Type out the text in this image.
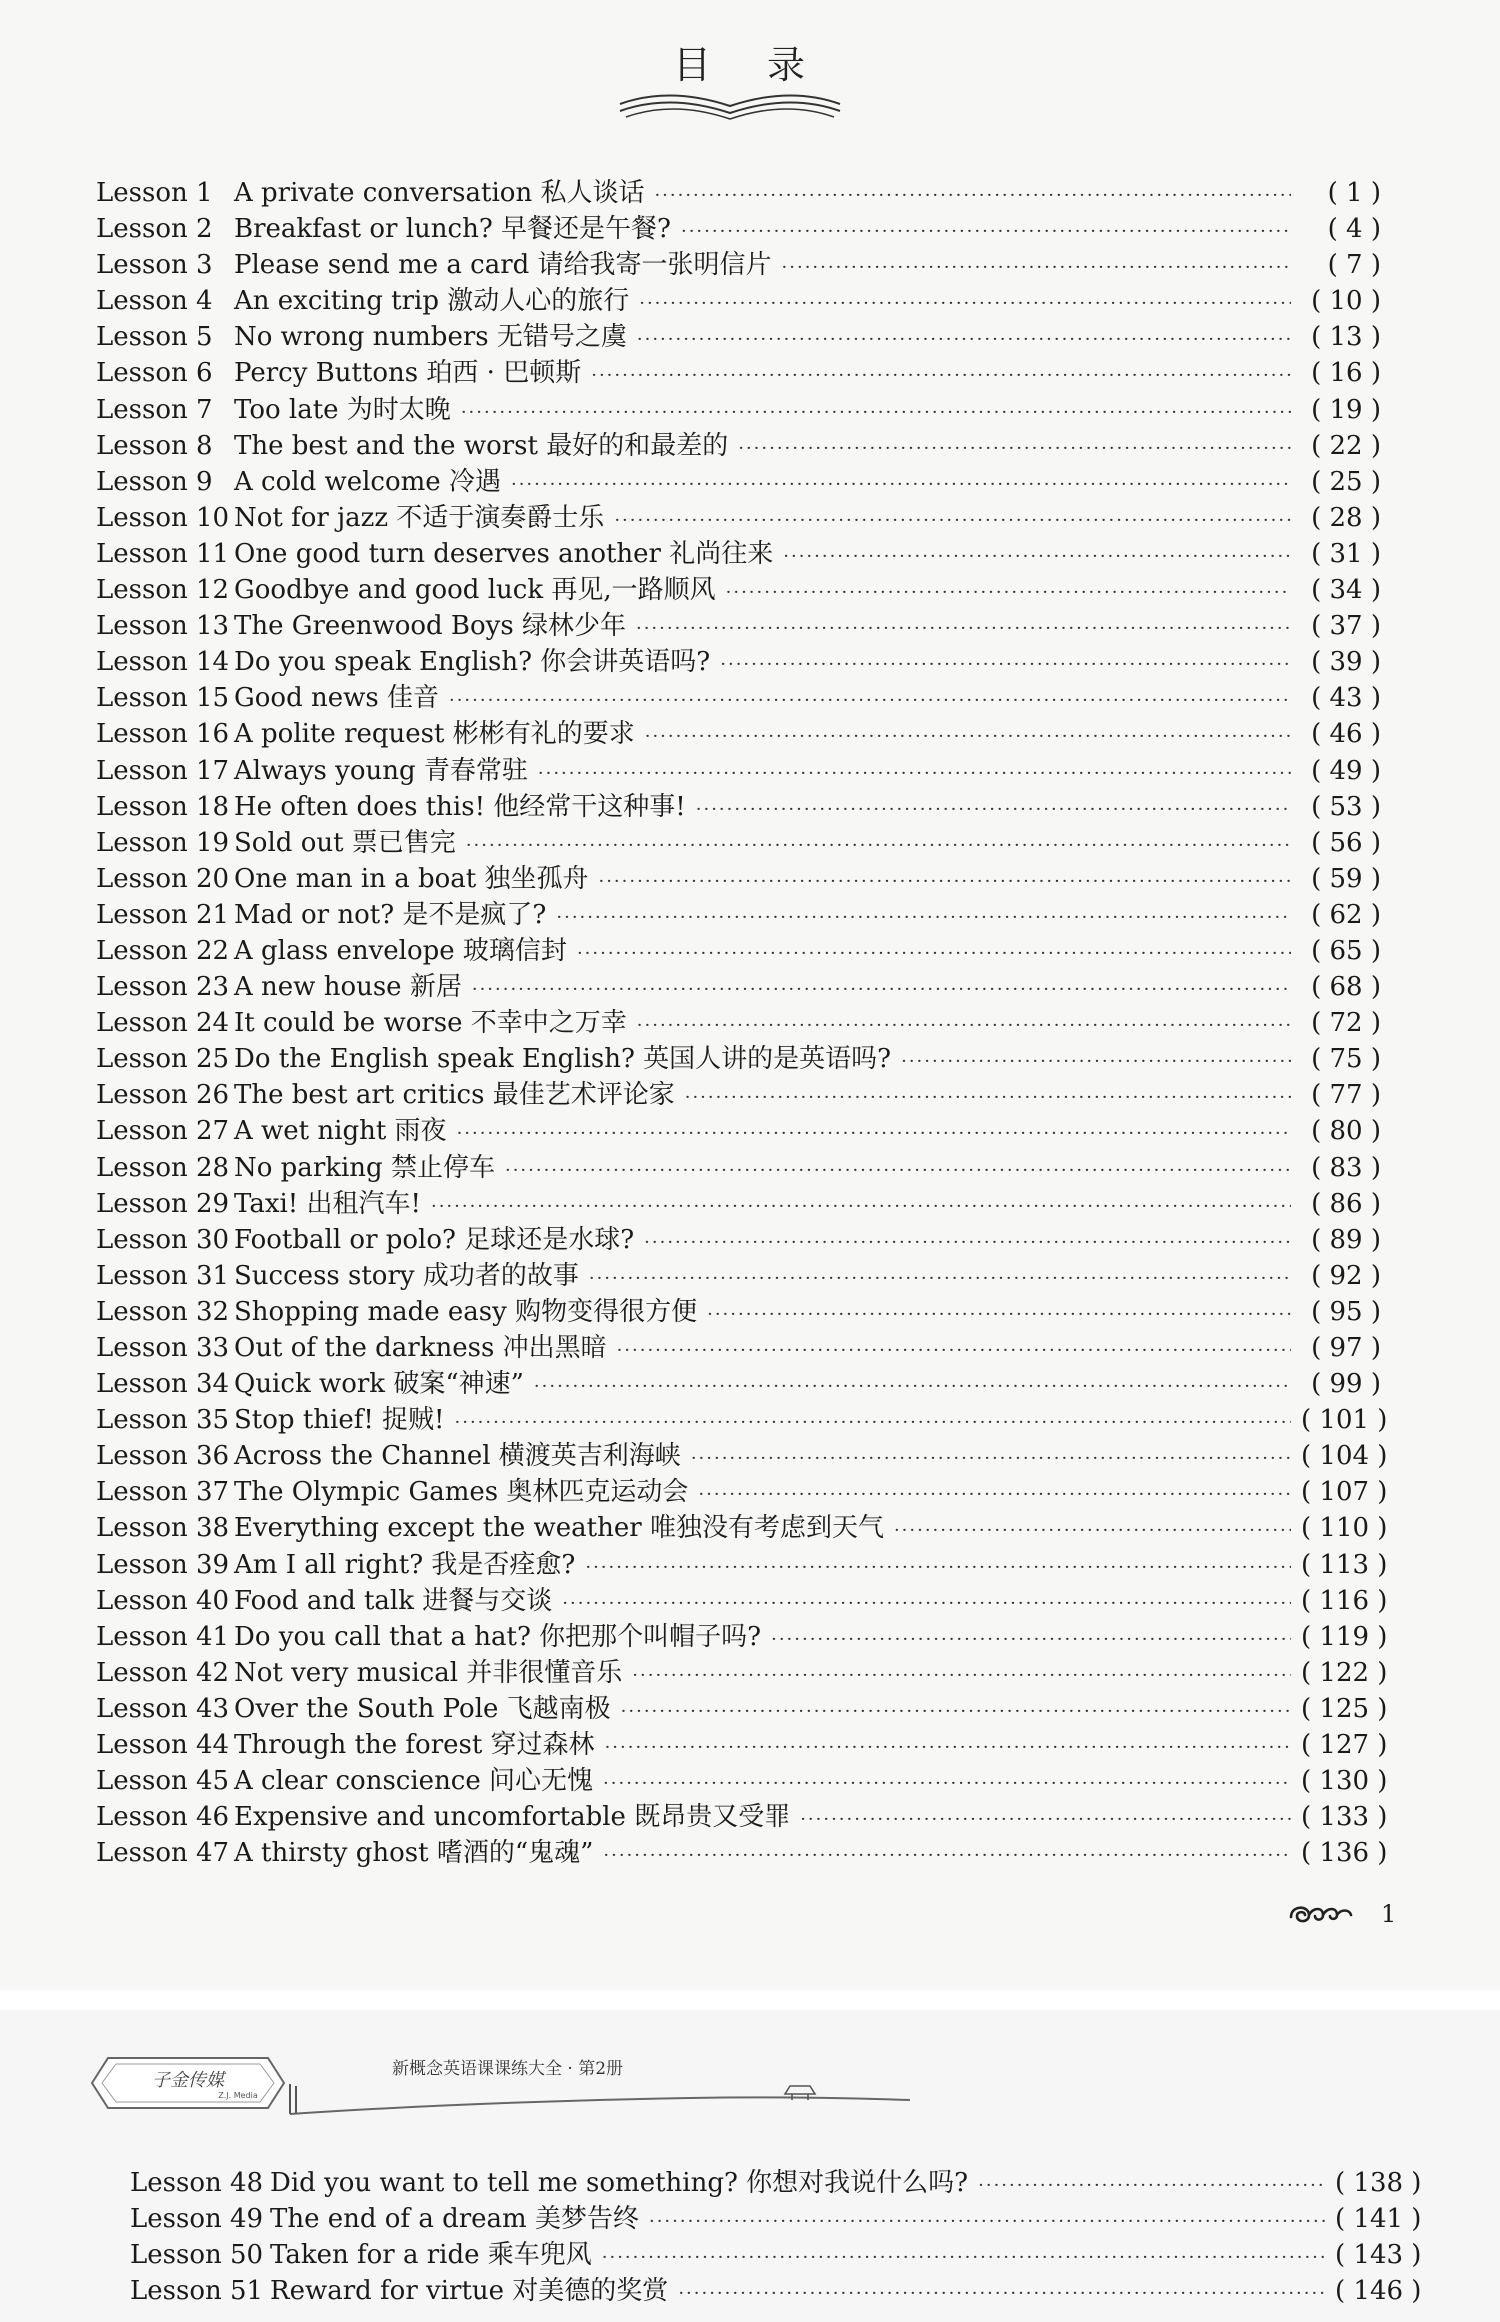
目 录
Lesson 1 A private conversation 私人谈话 ·····	( 1 )
Lesson 2 Breakfast or lunch? 早餐还是午餐? ·····	( 4 )
Lesson 3 Please send me a card 请给我寄一张明信片 ·····	( 7 )
Lesson 4 An exciting trip 激动人心的旅行 ·····	( 10 )
Lesson 5 No wrong numbers 无错号之虞 ·····	( 13 )
Lesson 6 Percy Buttons 珀西 · 巴顿斯 ·····	( 16 )
Lesson 7 Too late 为时太晚 ·····	( 19 )
Lesson 8 The best and the worst 最好的和最差的 ·····	( 22 )
Lesson 9 A cold welcome 冷遇 ·····	( 25 )
Lesson 10 Not for jazz 不适于演奏爵士乐 ·····	( 28 )
Lesson 11 One good turn deserves another 礼尚往来 ·····	( 31 )
Lesson 12 Goodbye and good luck 再见,一路顺风 ·····	( 34 )
Lesson 13 The Greenwood Boys 绿林少年 ·····	( 37 )
Lesson 14 Do you speak English? 你会讲英语吗? ·····	( 39 )
Lesson 15 Good news 佳音 ·····	( 43 )
Lesson 16 A polite request 彬彬有礼的要求 ·····	( 46 )
Lesson 17 Always young 青春常驻 ·····	( 49 )
Lesson 18 He often does this! 他经常干这种事! ·····	( 53 )
Lesson 19 Sold out 票已售完 ·····	( 56 )
Lesson 20 One man in a boat 独坐孤舟 ·····	( 59 )
Lesson 21 Mad or not? 是不是疯了? ·····	( 62 )
Lesson 22 A glass envelope 玻璃信封 ·····	( 65 )
Lesson 23 A new house 新居 ·····	( 68 )
Lesson 24 It could be worse 不幸中之万幸 ·····	( 72 )
Lesson 25 Do the English speak English? 英国人讲的是英语吗? ·····	( 75 )
Lesson 26 The best art critics 最佳艺术评论家 ·····	( 77 )
Lesson 27 A wet night 雨夜 ·····	( 80 )
Lesson 28 No parking 禁止停车 ·····	( 83 )
Lesson 29 Taxi! 出租汽车! ·····	( 86 )
Lesson 30 Football or polo? 足球还是水球? ·····	( 89 )
Lesson 31 Success story 成功者的故事 ·····	( 92 )
Lesson 32 Shopping made easy 购物变得很方便 ·····	( 95 )
Lesson 33 Out of the darkness 冲出黑暗 ·····	( 97 )
Lesson 34 Quick work 破案“神速” ·····	( 99 )
Lesson 35 Stop thief! 捉贼! ·····	( 101 )
Lesson 36 Across the Channel 横渡英吉利海峡 ·····	( 104 )
Lesson 37 The Olympic Games 奥林匹克运动会 ·····	( 107 )
Lesson 38 Everything except the weather 唯独没有考虑到天气 ·····	( 110 )
Lesson 39 Am I all right? 我是否痊愈? ·····	( 113 )
Lesson 40 Food and talk 进餐与交谈 ·····	( 116 )
Lesson 41 Do you call that a hat? 你把那个叫帽子吗? ·····	( 119 )
Lesson 42 Not very musical 并非很懂音乐 ·····	( 122 )
Lesson 43 Over the South Pole 飞越南极 ·····	( 125 )
Lesson 44 Through the forest 穿过森林 ·····	( 127 )
Lesson 45 A clear conscience 问心无愧 ·····	( 130 )
Lesson 46 Expensive and uncomfortable 既昂贵又受罪 ·····	( 133 )
Lesson 47 A thirsty ghost 嗜酒的“鬼魂” ·····	( 136 )
1
子金传媒
Z.J. Media
新概念英语课课练大全 · 第2册
Lesson 48 Did you want to tell me something? 你想对我说什么吗? ·····	( 138 )
Lesson 49 The end of a dream 美梦告终 ·····	( 141 )
Lesson 50 Taken for a ride 乘车兜风 ·····	( 143 )
Lesson 51 Reward for virtue 对美德的奖赏 ·····	( 146 )
